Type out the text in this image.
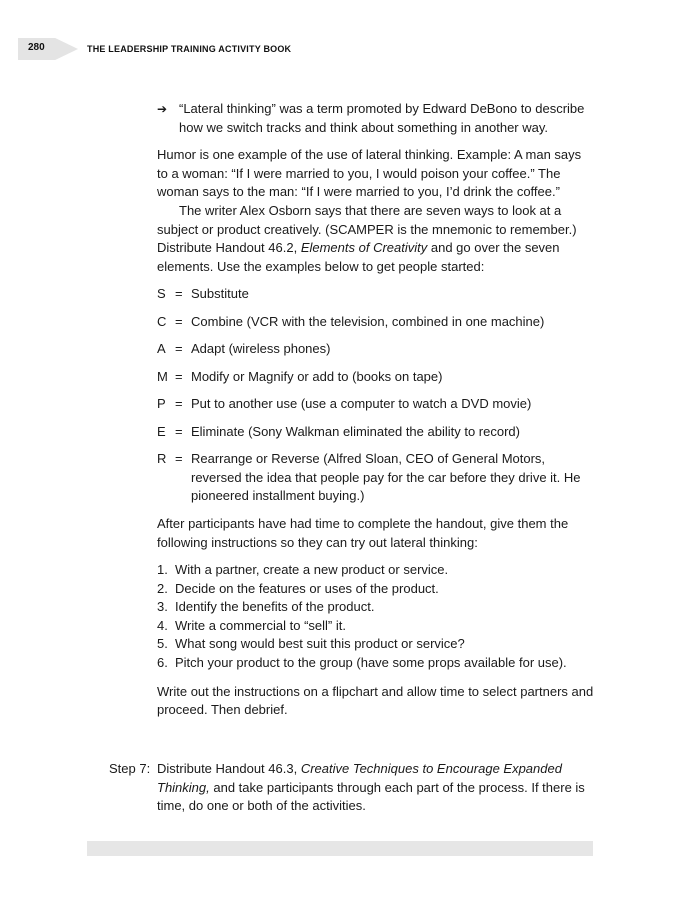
280	THE LEADERSHIP TRAINING ACTIVITY BOOK
➔ “Lateral thinking” was a term promoted by Edward DeBono to describe how we switch tracks and think about something in another way.

Humor is one example of the use of lateral thinking. Example: A man says to a woman: “If I were married to you, I would poison your coffee.” The woman says to the man: “If I were married to you, I’d drink the coffee.”

The writer Alex Osborn says that there are seven ways to look at a subject or product creatively. (SCAMPER is the mnemonic to remember.) Distribute Handout 46.2, Elements of Creativity and go over the seven elements. Use the examples below to get people started:

S = Substitute
C = Combine (VCR with the television, combined in one machine)
A = Adapt (wireless phones)
M = Modify or Magnify or add to (books on tape)
P = Put to another use (use a computer to watch a DVD movie)
E = Eliminate (Sony Walkman eliminated the ability to record)
R = Rearrange or Reverse (Alfred Sloan, CEO of General Motors, reversed the idea that people pay for the car before they drive it. He pioneered installment buying.)

After participants have had time to complete the handout, give them the following instructions so they can try out lateral thinking:

1. With a partner, create a new product or service.
2. Decide on the features or uses of the product.
3. Identify the benefits of the product.
4. Write a commercial to “sell” it.
5. What song would best suit this product or service?
6. Pitch your product to the group (have some props available for use).

Write out the instructions on a flipchart and allow time to select partners and proceed. Then debrief.

Step 7: Distribute Handout 46.3, Creative Techniques to Encourage Expanded Thinking, and take participants through each part of the process. If there is time, do one or both of the activities.
